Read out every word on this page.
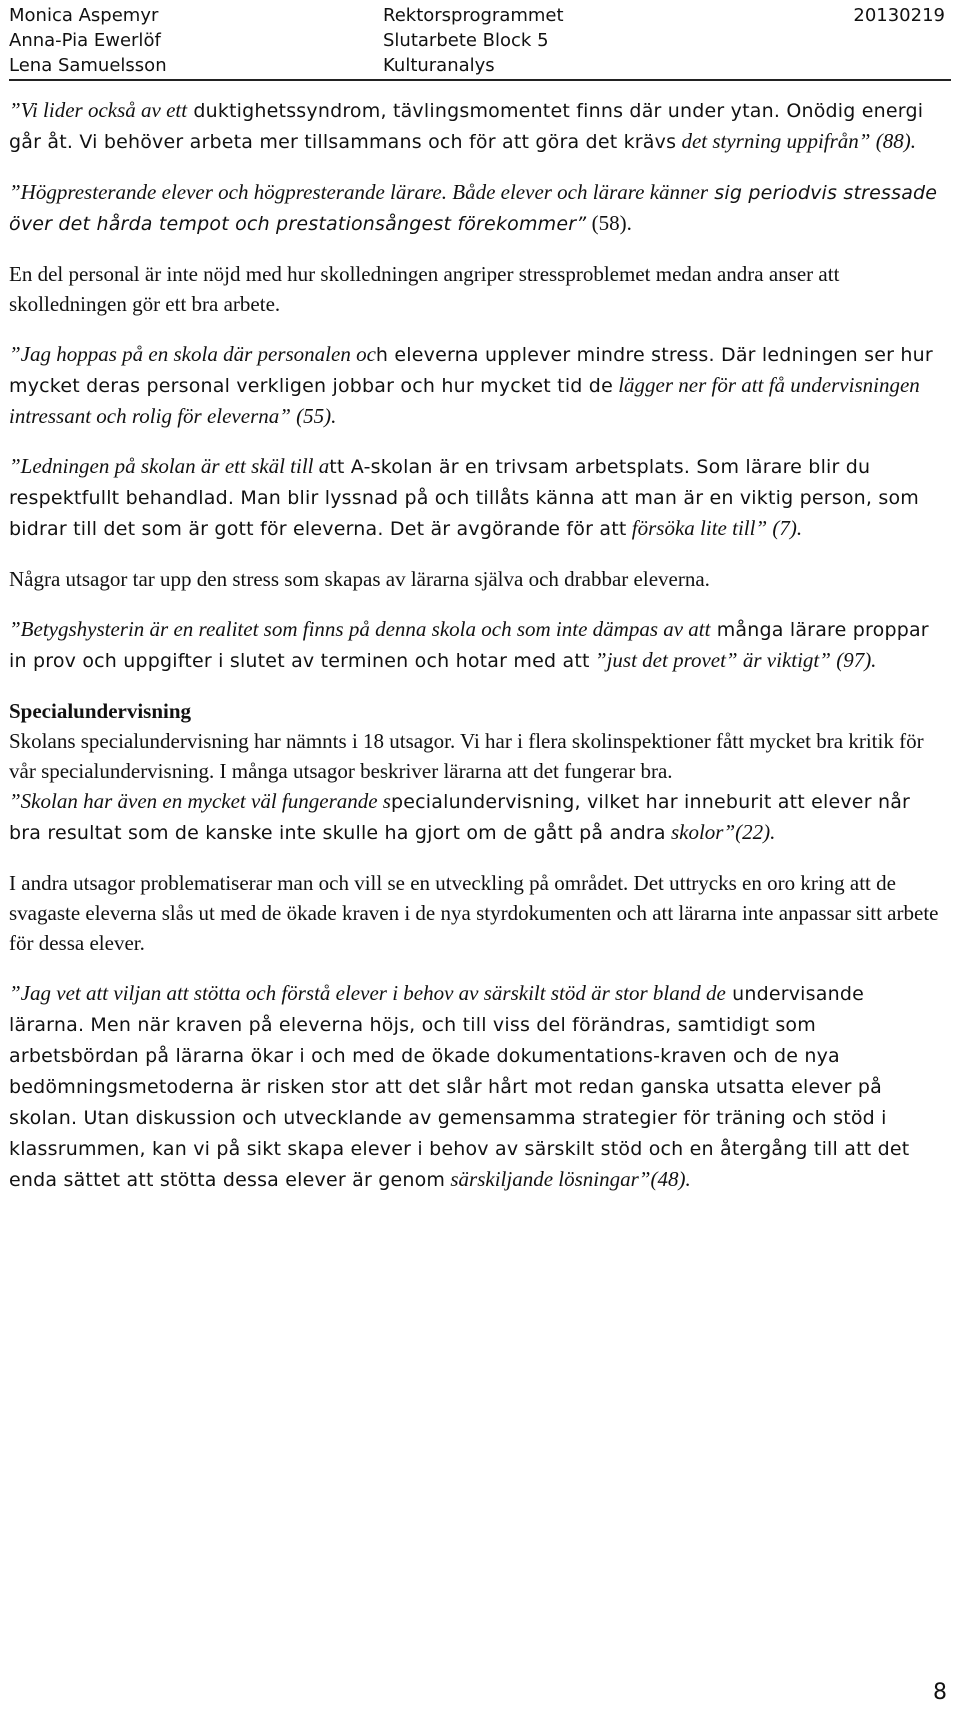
Monica Aspemyr
Anna-Pia Ewerlöf
Lena Samuelsson
Rektorsprogrammet
Slutarbete Block 5
Kulturanalys
20130219

”Vi lider också av ett duktighetssyndrom, tävlingsmomentet finns där under ytan. Onödig energi går åt. Vi behöver arbeta mer tillsammans och för att göra det krävs det styrning uppifrån” (88).

”Högpresterande elever och högpresterande lärare. Både elever och lärare känner sig periodvis stressade över det hårda tempot och prestationsångest förekommer” (58).

En del personal är inte nöjd med hur skolledningen angriper stressproblemet medan andra anser att skolledningen gör ett bra arbete.

”Jag hoppas på en skola där personalen och eleverna upplever mindre stress. Där ledningen ser hur mycket deras personal verkligen jobbar och hur mycket tid de lägger ner för att få undervisningen intressant och rolig för eleverna” (55).

”Ledningen på skolan är ett skäl till att A-skolan är en trivsam arbetsplats. Som lärare blir du respektfullt behandlad. Man blir lyssnad på och tillåts känna att man är en viktig person, som bidrar till det som är gott för eleverna. Det är avgörande för att försöka lite till” (7).

Några utsagor tar upp den stress som skapas av lärarna själva och drabbar eleverna.

”Betygshysterin är en realitet som finns på denna skola och som inte dämpas av att många lärare proppar in prov och uppgifter i slutet av terminen och hotar med att ”just det provet” är viktigt” (97).

Specialundervisning

Skolans specialundervisning har nämnts i 18 utsagor. Vi har i flera skolinspektioner fått mycket bra kritik för vår specialundervisning. I många utsagor beskriver lärarna att det fungerar bra.

”Skolan har även en mycket väl fungerande specialundervisning, vilket har inneburit att elever når bra resultat som de kanske inte skulle ha gjort om de gått på andra skolor”(22).

I andra utsagor problematiserar man och vill se en utveckling på området. Det uttrycks en oro kring att de svagaste eleverna slås ut med de ökade kraven i de nya styrdokumenten och att lärarna inte anpassar sitt arbete för dessa elever.

”Jag vet att viljan att stötta och förstå elever i behov av särskilt stöd är stor bland de undervisande lärarna. Men när kraven på eleverna höjs, och till viss del förändras, samtidigt som arbetsbördan på lärarna ökar i och med de ökade dokumentations-kraven och de nya bedömningsmetoderna är risken stor att det slår hårt mot redan ganska utsatta elever på skolan. Utan diskussion och utvecklande av gemensamma strategier för träning och stöd i klassrummen, kan vi på sikt skapa elever i behov av särskilt stöd och en återgång till att det enda sättet att stötta dessa elever är genom särskiljande lösningar”(48).

8
